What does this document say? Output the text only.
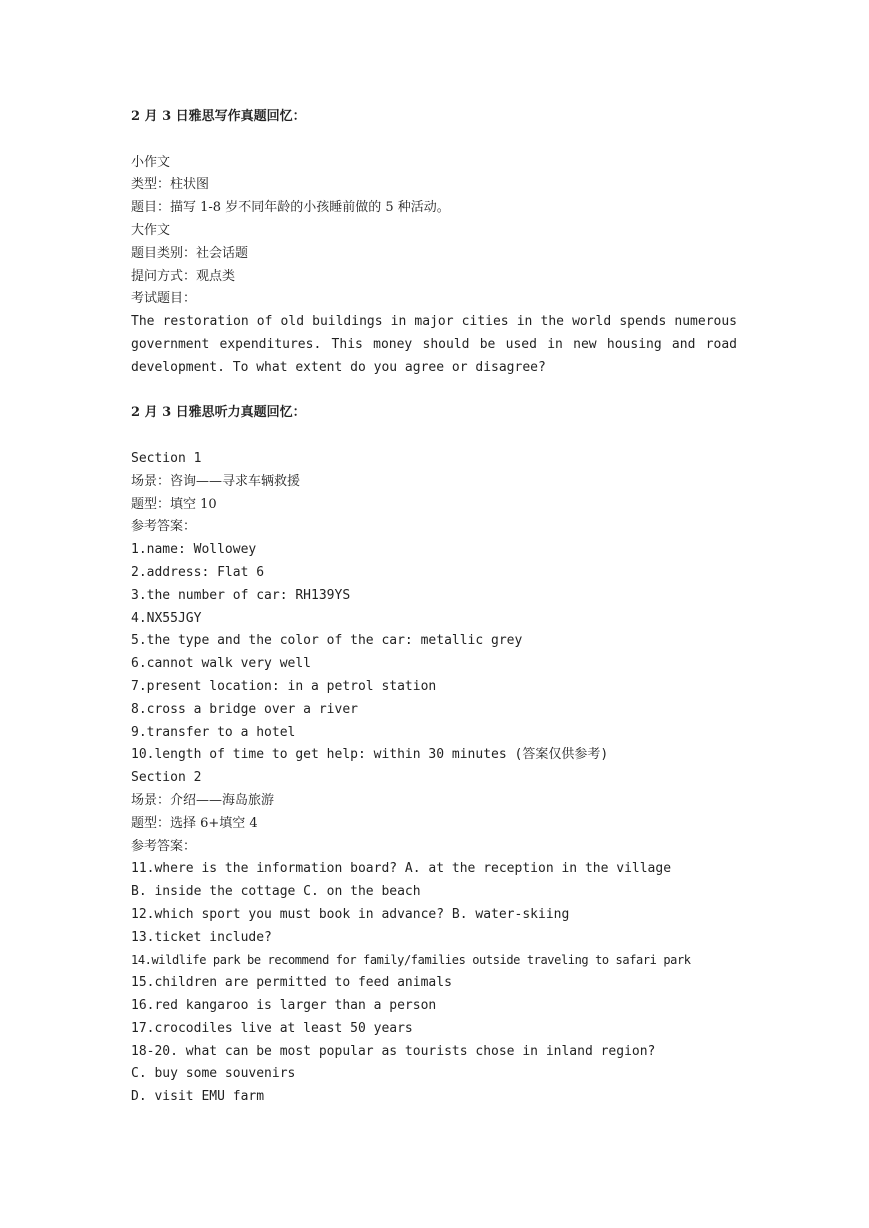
2 月 3 日雅思写作真题回忆：
小作文
类型：柱状图
题目：描写 1-8 岁不同年龄的小孩睡前做的 5 种活动。
大作文
题目类别：社会话题
提问方式：观点类
考试题目：
The restoration of old buildings in major cities in the world spends numerous
government expenditures. This money should be used in new housing and road
development. To what extent do you agree or disagree?
2 月 3 日雅思听力真题回忆：
Section 1
场景：咨询——寻求车辆救援
题型：填空 10
参考答案：
1.name: Wollowey
2.address: Flat 6
3.the number of car: RH139YS
4.NX55JGY
5.the type and the color of the car: metallic grey
6.cannot walk very well
7.present location: in a petrol station
8.cross a bridge over a river
9.transfer to a hotel
10.length of time to get help: within 30 minutes (答案仅供参考)
Section 2
场景：介绍——海岛旅游
题型：选择 6+填空 4
参考答案：
11.where is the information board? A. at the reception in the village
B. inside the cottage C. on the beach
12.which sport you must book in advance? B. water-skiing
13.ticket include?
14.wildlife park be recommend for family/families outside traveling to safari park
15.children are permitted to feed animals
16.red kangaroo is larger than a person
17.crocodiles live at least 50 years
18-20. what can be most popular as tourists chose in inland region?
C. buy some souvenirs
D. visit EMU farm
